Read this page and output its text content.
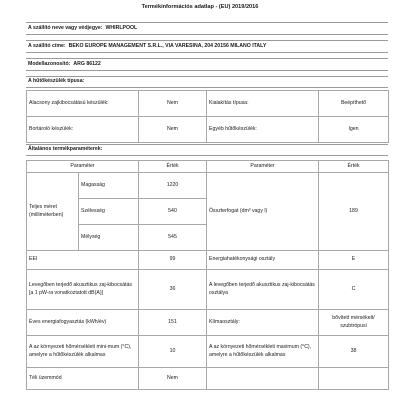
Termékinformációs adatlap - (EU) 2019/2016
A szállító neve vagy védjegye: WHIRLPOOL
A szállító címe: BEKO EUROPE MANAGEMENT S.R.L., VIA VARESINA, 204 20156 MILANO ITALY
Modellazonosító: ARG 86122
A hűtőkészülék típusa:
Alacsony zajkibocsátású készülék:	Nem	Kialakítás típusa:	Beépíthető
Bortároló készülék:	Nem	Egyéb hűtőkészülék:	Igen
Általános termékparaméterek:
Paraméter		Érték	Paraméter	Érték
Teljes méret
(milliméterben)	Magasság	1220	Összterfogat (dm³ vagy l)	189
	Szélesség	540		
	Mélység	545		
EEI		99	Energiahatékonysági osztály	E
Levegőben terjedő akusztikus zaj-kibocsátás [a 1 pW-ra vonatkoztatott dB(A)]		36	A levegőben terjedő akusztikus zaj-kibocsátás osztálya	C
Éves energiafogyasztás (kWh/év)		151	Klímaosztály:	bővített mérsékelt/
szubtrópusi
A az környezeti hőmérsékleti mini-mum (°C), amelyre a hűtőkészülék alkalmas		10	A az környezeti hőmérsékleti maximum (°C), amelyre a hűtőkészülék alkalmas	38
Téli üzemmód		Nem		
